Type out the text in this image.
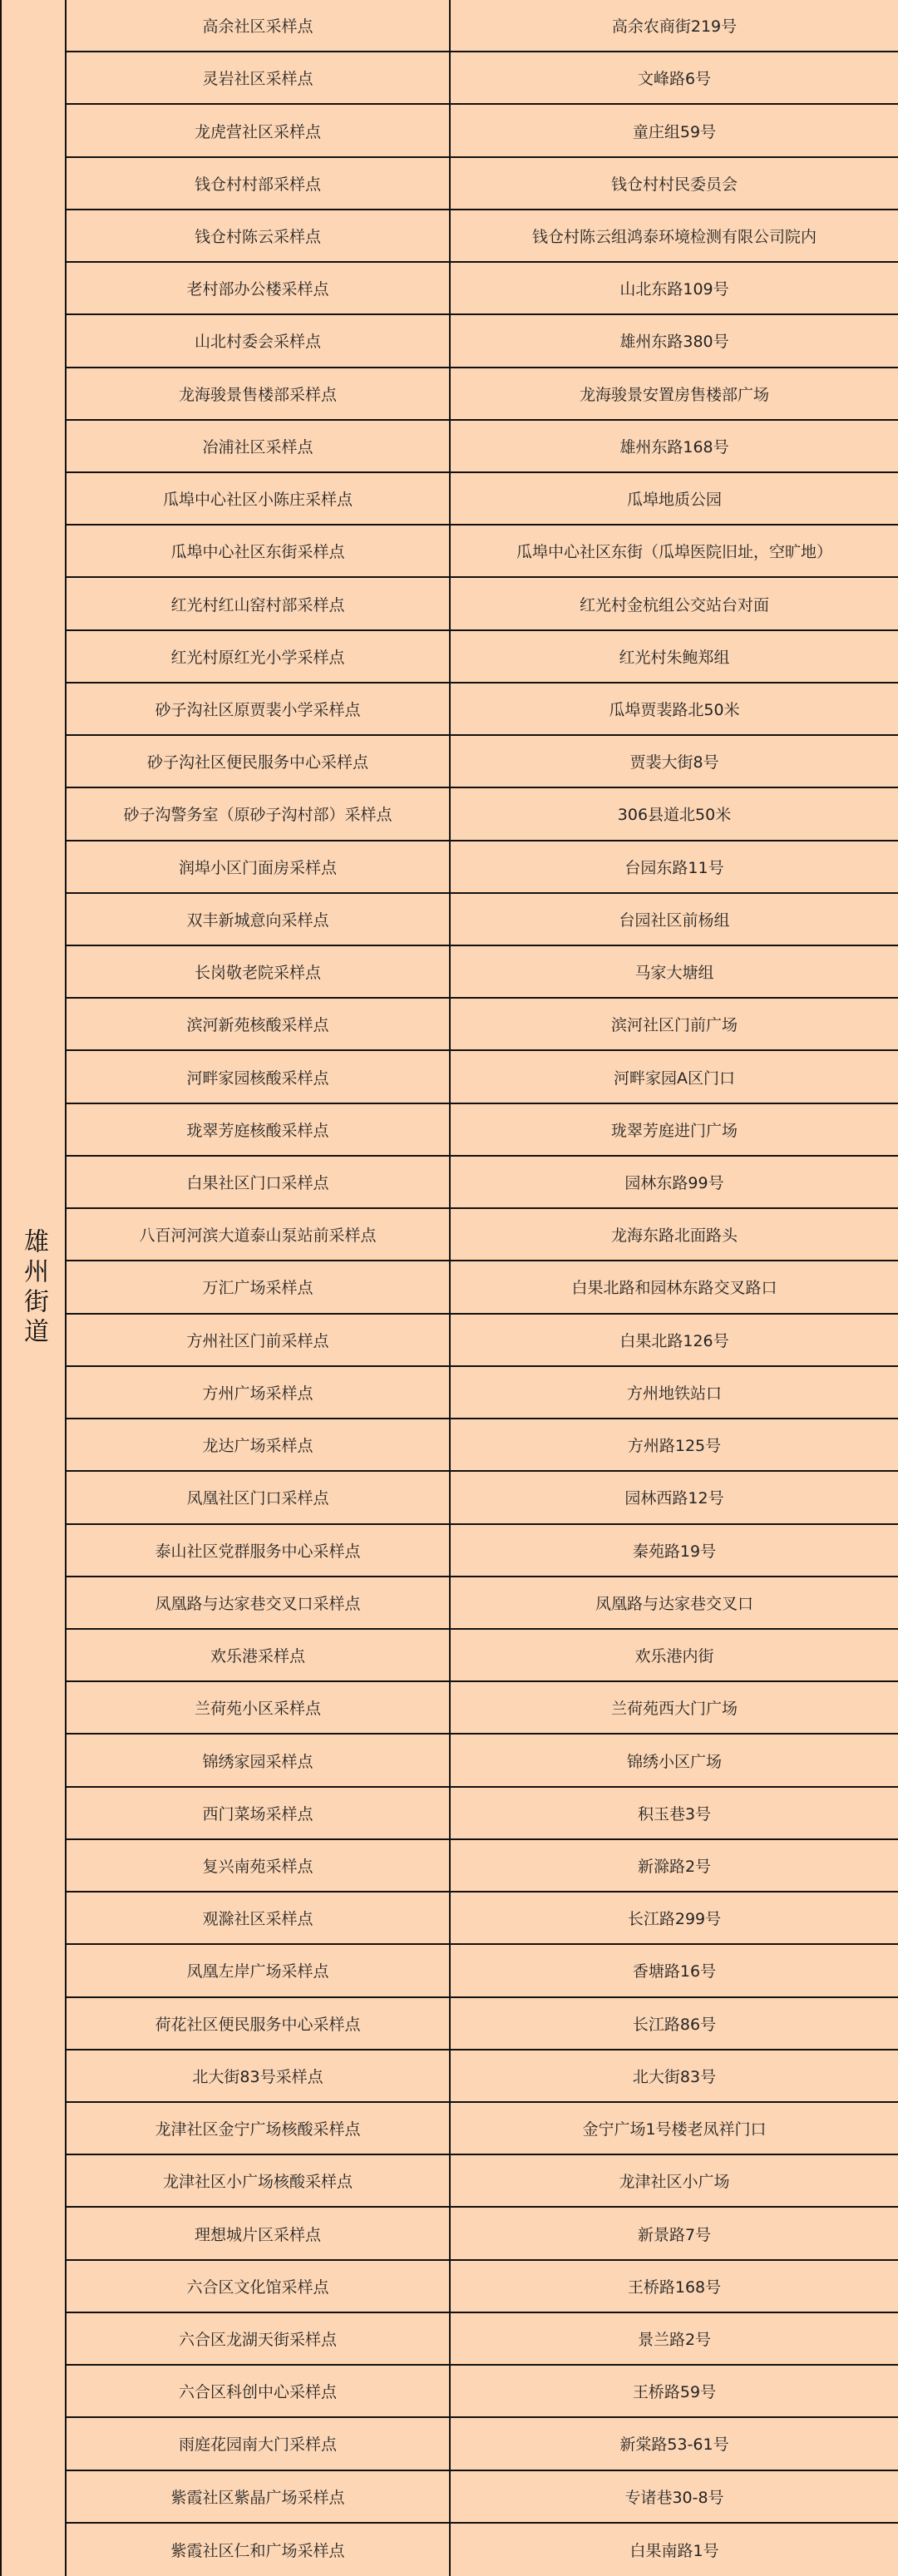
雄州街道
高余社区采样点	高余农商街219号
灵岩社区采样点	文峰路6号
龙虎营社区采样点	童庄组59号
钱仓村村部采样点	钱仓村村民委员会
钱仓村陈云采样点	钱仓村陈云组鸿泰环境检测有限公司院内
老村部办公楼采样点	山北东路109号
山北村委会采样点	雄州东路380号
龙海骏景售楼部采样点	龙海骏景安置房售楼部广场
冶浦社区采样点	雄州东路168号
瓜埠中心社区小陈庄采样点	瓜埠地质公园
瓜埠中心社区东街采样点	瓜埠中心社区东街（瓜埠医院旧址，空旷地）
红光村红山窑村部采样点	红光村金杭组公交站台对面
红光村原红光小学采样点	红光村朱鲍郑组
砂子沟社区原贾裴小学采样点	瓜埠贾裴路北50米
砂子沟社区便民服务中心采样点	贾裴大街8号
砂子沟警务室（原砂子沟村部）采样点	306县道北50米
润埠小区门面房采样点	台园东路11号
双丰新城意向采样点	台园社区前杨组
长岗敬老院采样点	马家大塘组
滨河新苑核酸采样点	滨河社区门前广场
河畔家园核酸采样点	河畔家园A区门口
珑翠芳庭核酸采样点	珑翠芳庭进门广场
白果社区门口采样点	园林东路99号
八百河河滨大道泰山泵站前采样点	龙海东路北面路头
万汇广场采样点	白果北路和园林东路交叉路口
方州社区门前采样点	白果北路126号
方州广场采样点	方州地铁站口
龙达广场采样点	方州路125号
凤凰社区门口采样点	园林西路12号
泰山社区党群服务中心采样点	秦苑路19号
凤凰路与达家巷交叉口采样点	凤凰路与达家巷交叉口
欢乐港采样点	欢乐港内街
兰荷苑小区采样点	兰荷苑西大门广场
锦绣家园采样点	锦绣小区广场
西门菜场采样点	积玉巷3号
复兴南苑采样点	新滁路2号
观滁社区采样点	长江路299号
凤凰左岸广场采样点	香塘路16号
荷花社区便民服务中心采样点	长江路86号
北大街83号采样点	北大街83号
龙津社区金宁广场核酸采样点	金宁广场1号楼老凤祥门口
龙津社区小广场核酸采样点	龙津社区小广场
理想城片区采样点	新景路7号
六合区文化馆采样点	王桥路168号
六合区龙湖天街采样点	景兰路2号
六合区科创中心采样点	王桥路59号
雨庭花园南大门采样点	新棠路53-61号
紫霞社区紫晶广场采样点	专诸巷30-8号
紫霞社区仁和广场采样点	白果南路1号
